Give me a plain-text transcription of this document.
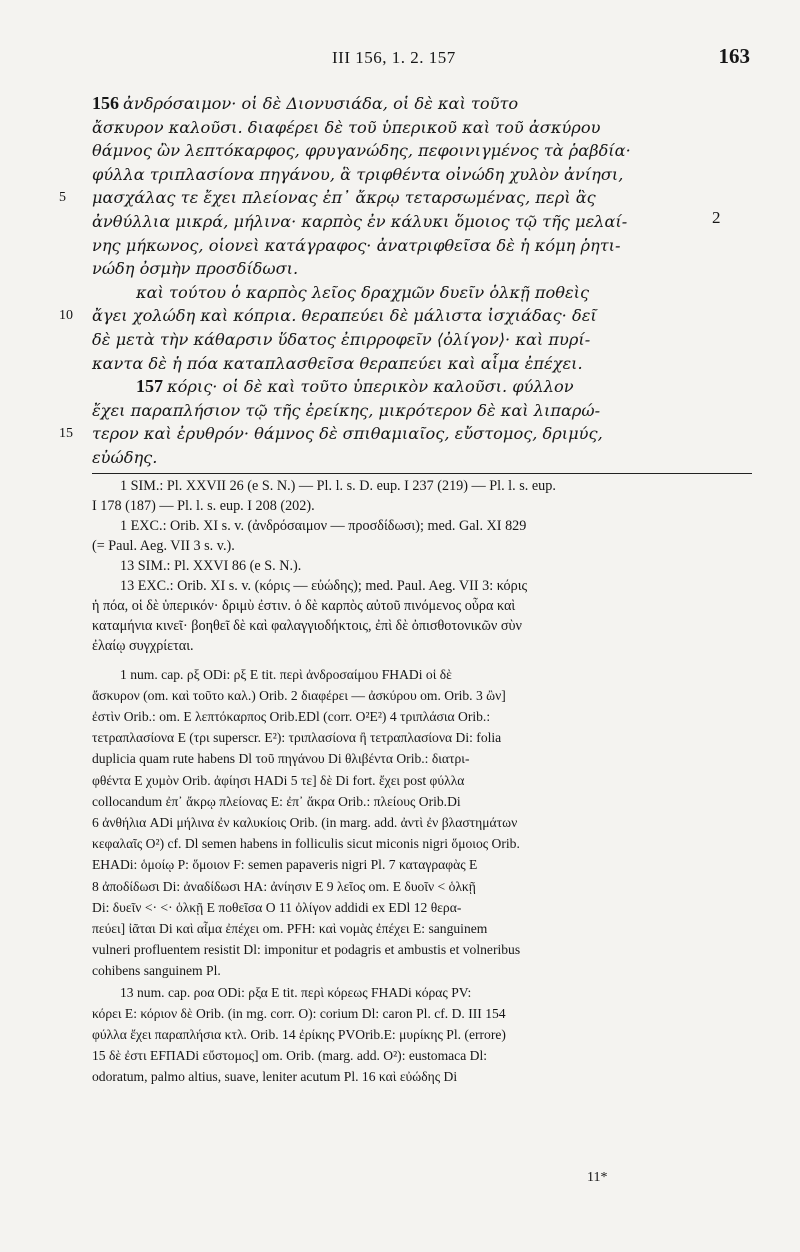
III 156, 1. 2. 157	163
156 ἀνδρόσαιμον· οἱ δὲ Διονυσιάδα, οἱ δὲ καὶ τοῦτο
ἄσκυρον καλοῦσι. διαφέρει δὲ τοῦ ὑπερικοῦ καὶ τοῦ ἀσκύρου
θάμνος ὢν λεπτόκαρφος, φρυγανώδης, πεφοινιγμένος τὰ ῥαβδία·
φύλλα τριπλασίονα πηγάνου, ἃ τριφθέντα οἰνώδη χυλὸν ἀνίησι,
5 μασχάλας τε ἔχει πλείονας ἐπ᾿ ἄκρῳ τεταρσωμένας, περὶ ἃς
2
ἀνθύλλια μικρά, μήλινα· καρπὸς ἐν κάλυκι ὅμοιος τῷ τῆς μελαί-
νης μήκωνος, οἱονεὶ κατάγραφος· ἀνατριφθεῖσα δὲ ἡ κόμη ῥητι-
νώδη ὀσμὴν προσδίδωσι.
καὶ τούτου ὁ καρπὸς λεῖος δραχμῶν δυεῖν ὁλκῇ ποθεὶς
10 ἄγει χολώδη καὶ κόπρια. θεραπεύει δὲ μάλιστα ἰσχιάδας· δεῖ
δὲ μετὰ τὴν κάθαρσιν ὕδατος ἐπιρροφεῖν ⟨ὀλίγον⟩· καὶ πυρί-
καντα δὲ ἡ πόα καταπλασθεῖσα θεραπεύει καὶ αἷμα ἐπέχει.
157 κόρις· οἱ δὲ καὶ τοῦτο ὑπερικὸν καλοῦσι. φύλλον
ἔχει παραπλήσιον τῷ τῆς ἐρείκης, μικρότερον δὲ καὶ λιπαρώ-
15 τερον καὶ ἐρυθρόν· θάμνος δὲ σπιθαμιαῖος, εὔστομος, δριμύς,
εὐώδης.
1 SIM.: Pl. XXVII 26 (e S. N.) — Pl. l. s. D. eup. I 237 (219) — Pl. l. s. eup.
I 178 (187) — Pl. l. s. eup. I 208 (202).
1 EXC.: Orib. XI s. v. (ἀνδρόσαιμον — προσδίδωσι); med. Gal. XI 829
(= Paul. Aeg. VII 3 s. v.).
13 SIM.: Pl. XXVI 86 (e S. N.).
13 EXC.: Orib. XI s. v. (κόρις — εὐώδης); med. Paul. Aeg. VII 3: κόρις
ἡ πόα, οἱ δὲ ὑπερικόν· δριμὺ ἐστιν. ὁ δὲ καρπὸς αὐτοῦ πινόμενος οὖρα καὶ
καταμήνια κινεῖ· βοηθεῖ δὲ καὶ φαλαγγιοδήκτοις, ἐπὶ δὲ ὀπισθοτονικῶν σὺν
ἐλαίῳ συγχρίεται.
1 num. cap. ρξ ODi: ρξ E tit. περὶ ἀνδροσαίμου FHADi οἱ δὲ
ἄσκυρον (om. καὶ τοῦτο καλ.) Orib. 2 διαφέρει — ἀσκύρου om. Orib. 3 ὢν]
ἐστὶν Orib.: om. E λεπτόκαρπος Orib.EDl (corr. O²E²) 4 τριπλάσια Orib.:
τετραπλασίονα E (τρι superscr. E²): τριπλασίονα ἢ τετραπλασίονα Di: folia
duplicia quam rute habens Dl τοῦ πηγάνου Di θλιβέντα Orib.: διατρι-
φθέντα E χυμὸν Orib. ἀφίησι HADi 5 τε] δὲ Di fort. ἔχει post φύλλα
collocandum ἐπ᾿ ἄκρῳ πλείονας E: ἐπ᾿ ἄκρα Orib.: πλείους Orib.Di
6 ἀνθήλια ADi μήλινα ἐν καλυκίοις Orib. (in marg. add. ἀντὶ ἐν βλαστημάτων
κεφαλαῖς O²) cf. Dl semen habens in folliculis sicut miconis nigri ὅμοιος Orib.
EHADi: ὁμοίῳ P: ὅμοιον F: semen papaveris nigri Pl. 7 καταγραφὰς E
8 ἀποδίδωσι Di: ἀναδίδωσι HA: ἀνίησιν E 9 λεῖος om. E δυοῖν < ὁλκῇ
Di: δυεῖν <· <· ὁλκῇ E ποθεῖσα O 11 ὀλίγον addidi ex EDl 12 θερα-
πεύει] ἰᾶται Di καὶ αἷμα ἐπέχει om. PFH: καὶ νομὰς ἐπέχει E: sanguinem
vulneri profluentem resistit Dl: imponitur et podagris et ambustis et volneribus
cohibens sanguinem Pl.
13 num. cap. ροα ODi: ρξα E tit. περὶ κόρεως FHADi κόρας PV:
κόρει E: κόριον δὲ Orib. (in mg. corr. O): corium Dl: caron Pl. cf. D. III 154
φύλλα ἔχει παραπλήσια κτλ. Orib. 14 ἐρίκης PVOrib.E: μυρίκης Pl. (errore)
15 δὲ ἐστι EFΠADi εὔστομος] om. Orib. (marg. add. O²): eustomaca Dl:
odoratum, palmo altius, suave, leniter acutum Pl. 16 καὶ εὐώδης Di
11*
